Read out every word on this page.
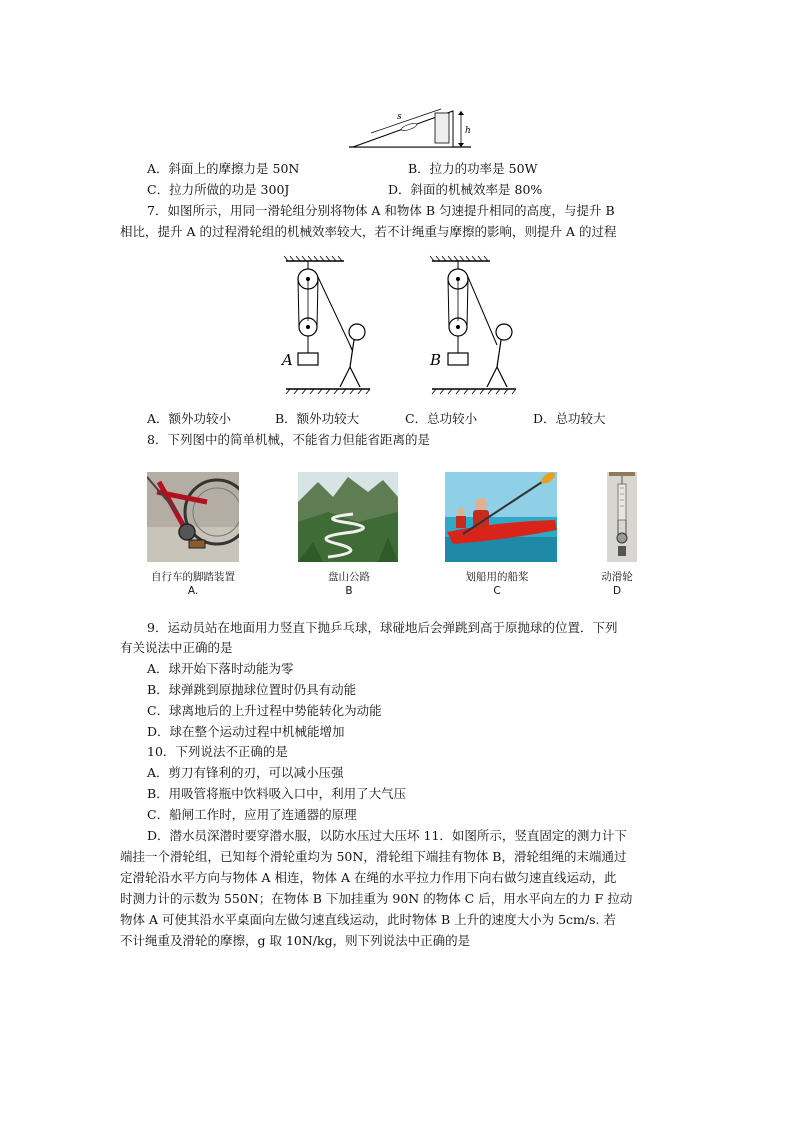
s
h
A．斜面上的摩擦力是 50N	B．拉力的功率是 50W
C．拉力所做的功是 300J	D．斜面的机械效率是 80%
7．如图所示，用同一滑轮组分别将物体 A 和物体 B 匀速提升相同的高度，与提升 B
相比，提升 A 的过程滑轮组的机械效率较大，若不计绳重与摩擦的影响，则提升 A 的过程
A	B
A．额外功较小	B．额外功较大	C．总功较小	D．总功较大
8．下列图中的简单机械，不能省力但能省距离的是
自行车的脚踏装置
A.
盘山公路
B
划船用的船桨
C
动滑轮
D
9．运动员站在地面用力竖直下抛乒乓球，球碰地后会弹跳到高于原抛球的位置．下列
有关说法中正确的是
A．球开始下落时动能为零
B．球弹跳到原抛球位置时仍具有动能
C．球离地后的上升过程中势能转化为动能
D．球在整个运动过程中机械能增加
10．下列说法不正确的是
A．剪刀有锋利的刃，可以减小压强
B．用吸管将瓶中饮料吸入口中，利用了大气压
C．船闸工作时，应用了连通器的原理
D．潜水员深潜时要穿潜水服，以防水压过大压坏 11．如图所示，竖直固定的测力计下
端挂一个滑轮组，已知每个滑轮重均为 50N，滑轮组下端挂有物体 B，滑轮组绳的末端通过
定滑轮沿水平方向与物体 A 相连，物体 A 在绳的水平拉力作用下向右做匀速直线运动，此
时测力计的示数为 550N；在物体 B 下加挂重为 90N 的物体 C 后，用水平向左的力 F 拉动
物体 A 可使其沿水平桌面向左做匀速直线运动，此时物体 B 上升的速度大小为 5cm/s. 若
不计绳重及滑轮的摩擦，g 取 10N/kg，则下列说法中正确的是
